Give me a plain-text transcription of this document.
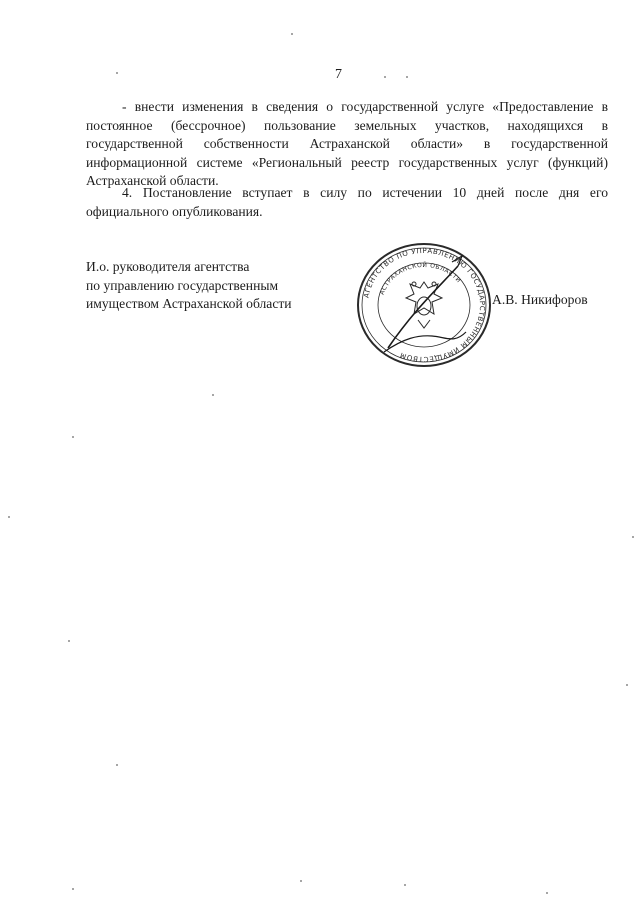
7

- внести изменения в сведения о государственной услуге «Предоставление в постоянное (бессрочное) пользование земельных участков, находящихся в государственной собственности Астраханской области» в государственной информационной системе «Региональный реестр государственных услуг (функций) Астраханской области.

4. Постановление вступает в силу по истечении 10 дней после дня его официального опубликования.

И.о. руководителя агентства
по управлению государственным
имуществом Астраханской области
АГЕНТСТВО ПО УПРАВЛЕНИЮ ГОСУДАРСТВЕННЫМ ИМУЩЕСТВОМ
АСТРАХАНСКОЙ ОБЛАСТИ
А.В. Никифоров
